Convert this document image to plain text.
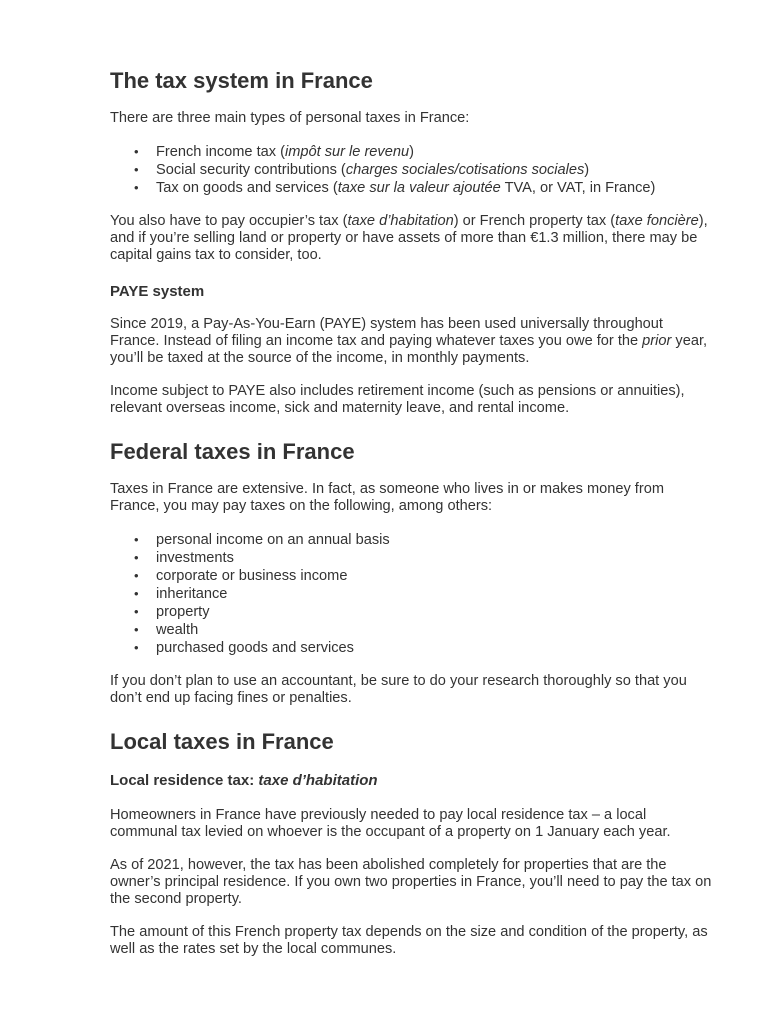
The tax system in France

There are three main types of personal taxes in France:

• French income tax (impôt sur le revenu)
• Social security contributions (charges sociales/cotisations sociales)
• Tax on goods and services (taxe sur la valeur ajoutée TVA, or VAT, in France)

You also have to pay occupier’s tax (taxe d’habitation) or French property tax (taxe foncière), and if you’re selling land or property or have assets of more than €1.3 million, there may be capital gains tax to consider, too.

PAYE system

Since 2019, a Pay-As-You-Earn (PAYE) system has been used universally throughout France. Instead of filing an income tax and paying whatever taxes you owe for the prior year, you’ll be taxed at the source of the income, in monthly payments.

Income subject to PAYE also includes retirement income (such as pensions or annuities), relevant overseas income, sick and maternity leave, and rental income.

Federal taxes in France

Taxes in France are extensive. In fact, as someone who lives in or makes money from France, you may pay taxes on the following, among others:

• personal income on an annual basis
• investments
• corporate or business income
• inheritance
• property
• wealth
• purchased goods and services

If you don’t plan to use an accountant, be sure to do your research thoroughly so that you don’t end up facing fines or penalties.

Local taxes in France
Local residence tax: taxe d’habitation

Homeowners in France have previously needed to pay local residence tax – a local communal tax levied on whoever is the occupant of a property on 1 January each year.

As of 2021, however, the tax has been abolished completely for properties that are the owner’s principal residence. If you own two properties in France, you’ll need to pay the tax on the second property.

The amount of this French property tax depends on the size and condition of the property, as well as the rates set by the local communes.
